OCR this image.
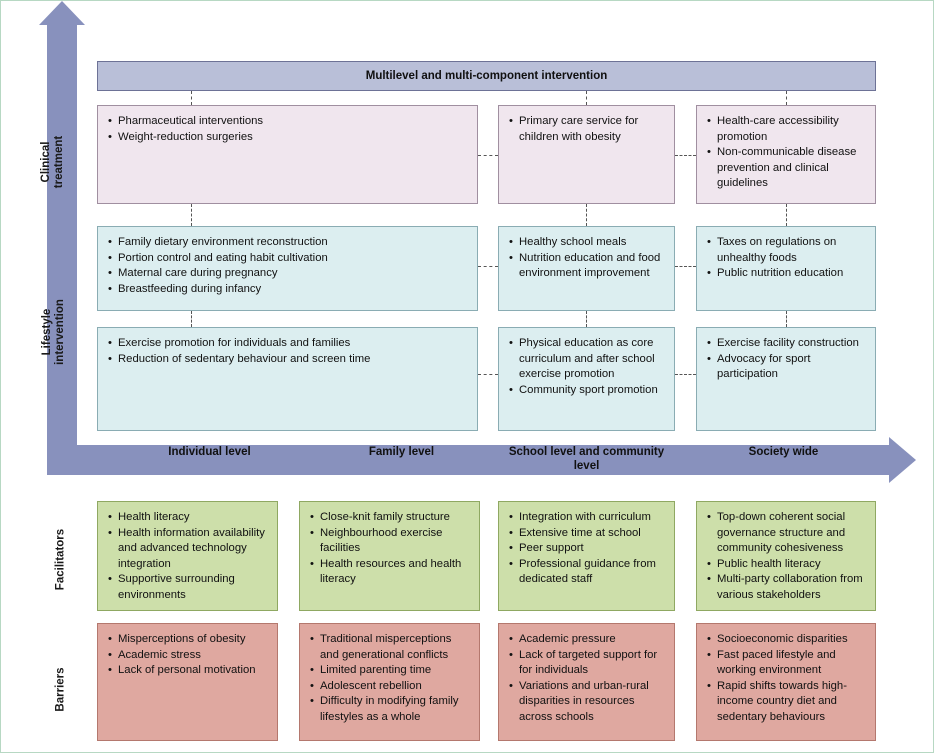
Multilevel and multi-component intervention
Clinical treatment
Lifestyle intervention
Facilitators
Barriers
• Pharmaceutical interventions
• Weight-reduction surgeries
• Primary care service for children with obesity
• Health-care accessibility promotion
• Non-communicable disease prevention and clinical guidelines
• Family dietary environment reconstruction
• Portion control and eating habit cultivation
• Maternal care during pregnancy
• Breastfeeding during infancy
• Healthy school meals
• Nutrition education and food environment improvement
• Taxes on regulations on unhealthy foods
• Public nutrition education
• Exercise promotion for individuals and families
• Reduction of sedentary behaviour and screen time
• Physical education as core curriculum and after school exercise promotion
• Community sport promotion
• Exercise facility construction
• Advocacy for sport participation
Individual level	Family level	School level and community level
Society wide
• Health literacy
• Health information availability and advanced technology integration
• Supportive surrounding environments
• Close-knit family structure
• Neighbourhood exercise facilities
• Health resources and health literacy
• Integration with curriculum
• Extensive time at school
• Peer support
• Professional guidance from dedicated staff
• Top-down coherent social governance structure and community cohesiveness
• Public health literacy
• Multi-party collaboration from various stakeholders
• Misperceptions of obesity
• Academic stress
• Lack of personal motivation
• Traditional misperceptions and generational conflicts
• Limited parenting time
• Adolescent rebellion
• Difficulty in modifying family lifestyles as a whole
• Academic pressure
• Lack of targeted support for for individuals
• Variations and urban-rural disparities in resources across schools
• Socioeconomic disparities
• Fast paced lifestyle and working environment
• Rapid shifts towards high-income country diet and sedentary behaviours
